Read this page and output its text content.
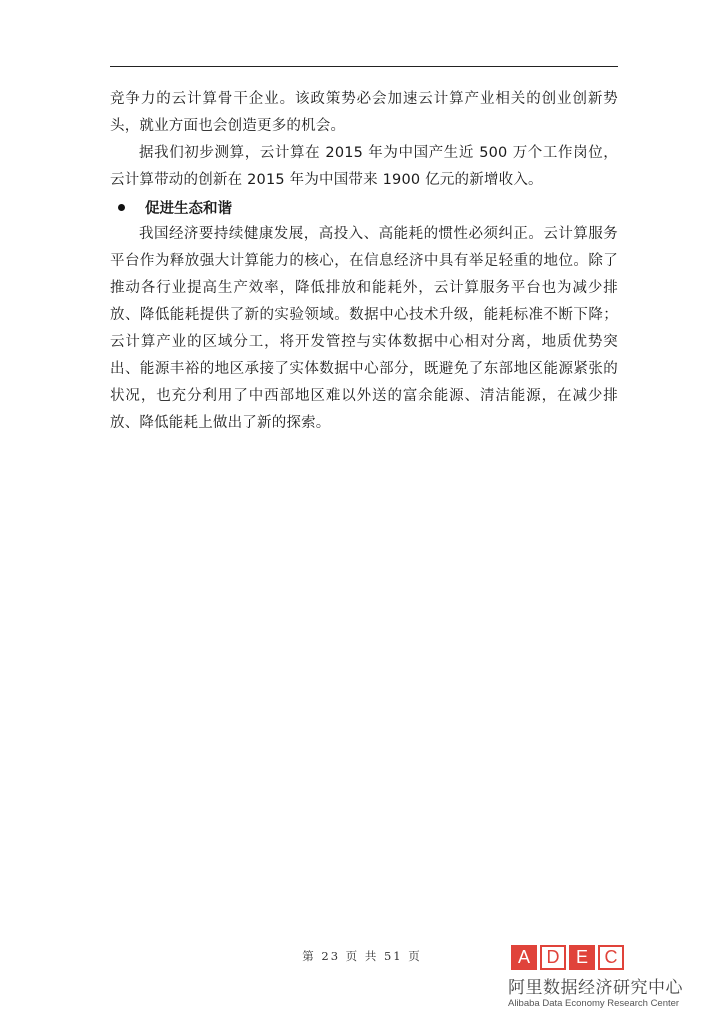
竞争力的云计算骨干企业。该政策势必会加速云计算产业相关的创业创新势头，就业方面也会创造更多的机会。

据我们初步测算，云计算在 2015 年为中国产生近 500 万个工作岗位，云计算带动的创新在 2015 年为中国带来 1900 亿元的新增收入。

促进生态和谐

我国经济要持续健康发展，高投入、高能耗的惯性必须纠正。云计算服务平台作为释放强大计算能力的核心，在信息经济中具有举足轻重的地位。除了推动各行业提高生产效率，降低排放和能耗外，云计算服务平台也为减少排放、降低能耗提供了新的实验领域。数据中心技术升级，能耗标准不断下降；云计算产业的区域分工，将开发管控与实体数据中心相对分离，地质优势突出、能源丰裕的地区承接了实体数据中心部分，既避免了东部地区能源紧张的状况，也充分利用了中西部地区难以外送的富余能源、清洁能源，在减少排放、降低能耗上做出了新的探索。

第 23 页 共 51 页	A D E C
阿里数据经济研究中心
Alibaba Data Economy Research Center
